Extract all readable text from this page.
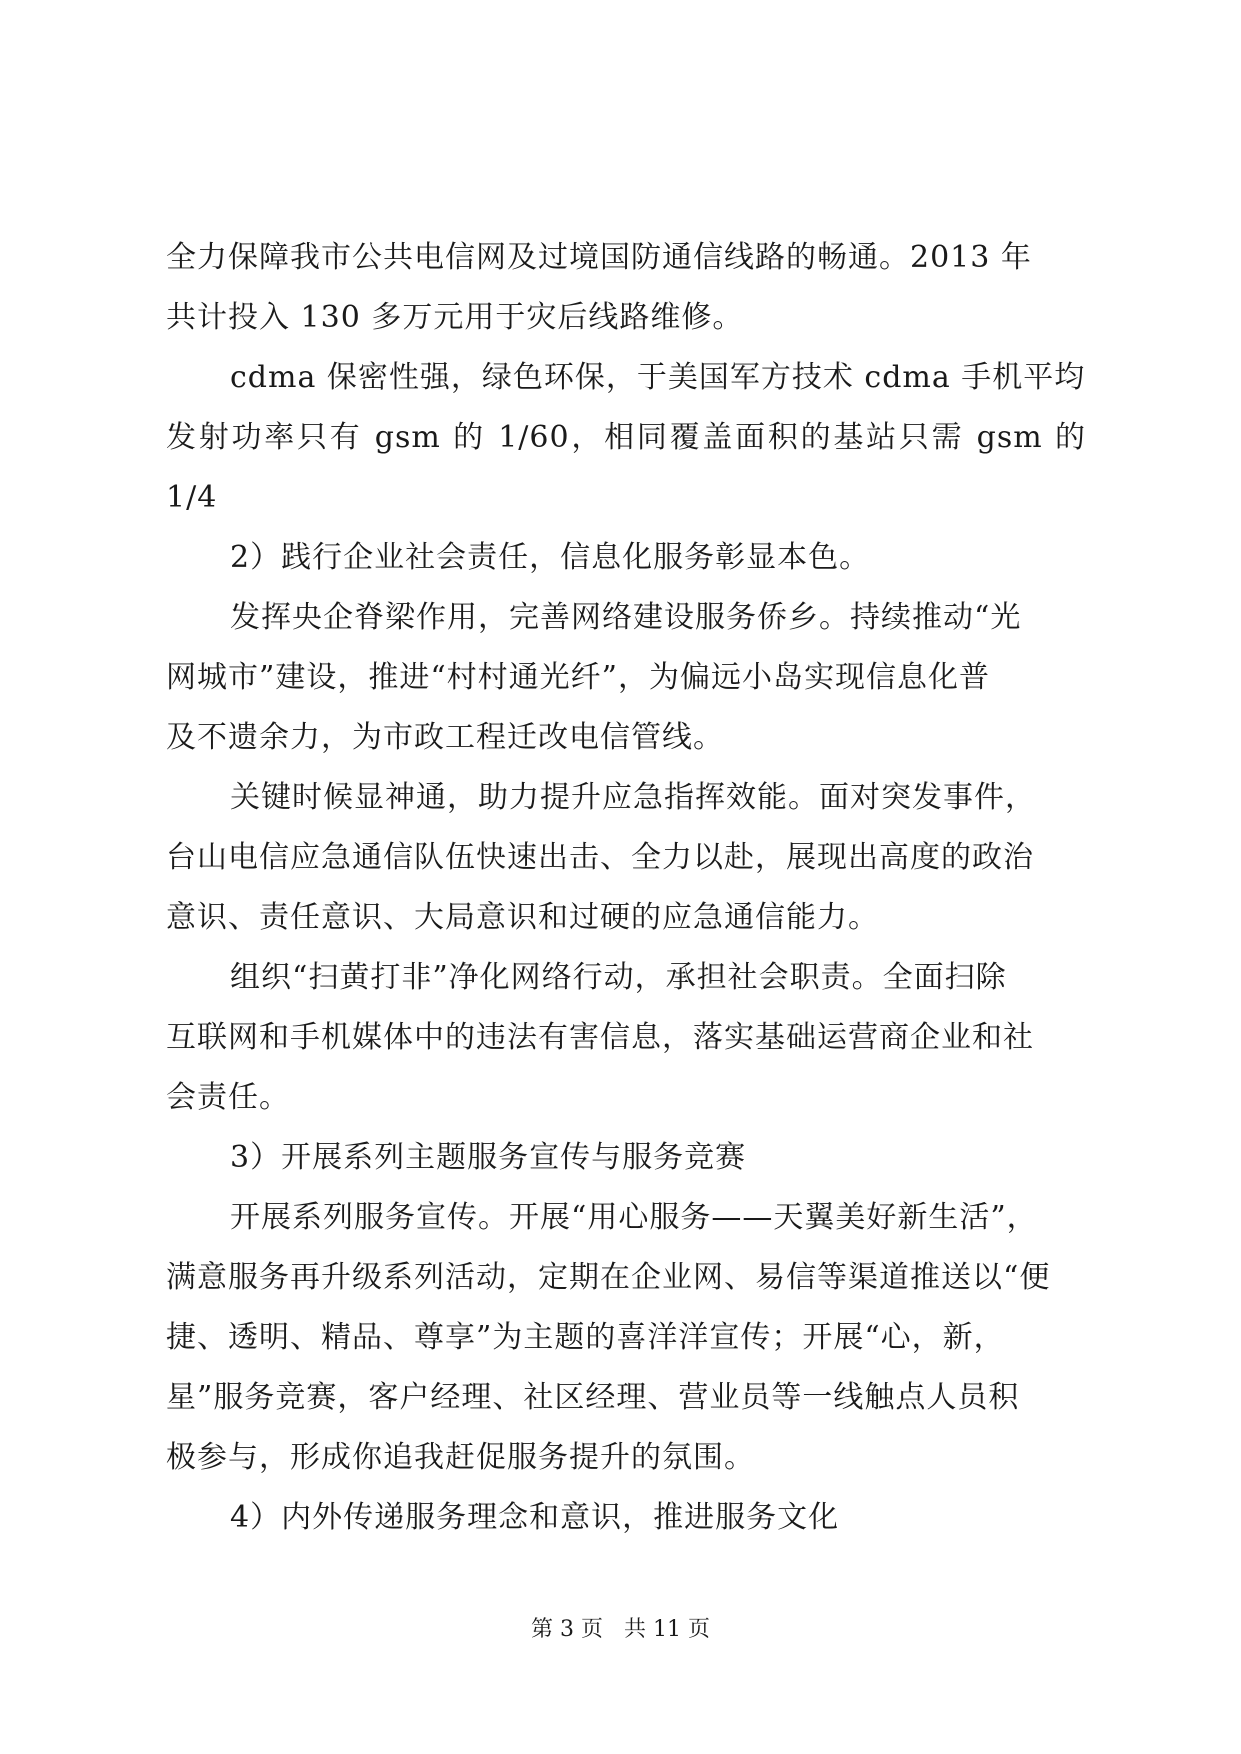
全力保障我市公共电信网及过境国防通信线路的畅通。2013 年
共计投入 130 多万元用于灾后线路维修。

cdma 保密性强，绿色环保，于美国军方技术 cdma 手机平均
发射功率只有 gsm 的 1/60，相同覆盖面积的基站只需 gsm 的 1/4

2）践行企业社会责任，信息化服务彰显本色。

发挥央企脊梁作用，完善网络建设服务侨乡。持续推动“光
网城市”建设，推进“村村通光纤”，为偏远小岛实现信息化普
及不遗余力，为市政工程迁改电信管线。

关键时候显神通，助力提升应急指挥效能。面对突发事件，
台山电信应急通信队伍快速出击、全力以赴，展现出高度的政治
意识、责任意识、大局意识和过硬的应急通信能力。

组织“扫黄打非”净化网络行动，承担社会职责。全面扫除
互联网和手机媒体中的违法有害信息，落实基础运营商企业和社
会责任。

3）开展系列主题服务宣传与服务竞赛

开展系列服务宣传。开展“用心服务——天翼美好新生活”，
满意服务再升级系列活动，定期在企业网、易信等渠道推送以“便
捷、透明、精品、尊享”为主题的喜洋洋宣传；开展“心，新，
星”服务竞赛，客户经理、社区经理、营业员等一线触点人员积
极参与，形成你追我赶促服务提升的氛围。

4）内外传递服务理念和意识，推进服务文化

第 3 页 共 11 页
